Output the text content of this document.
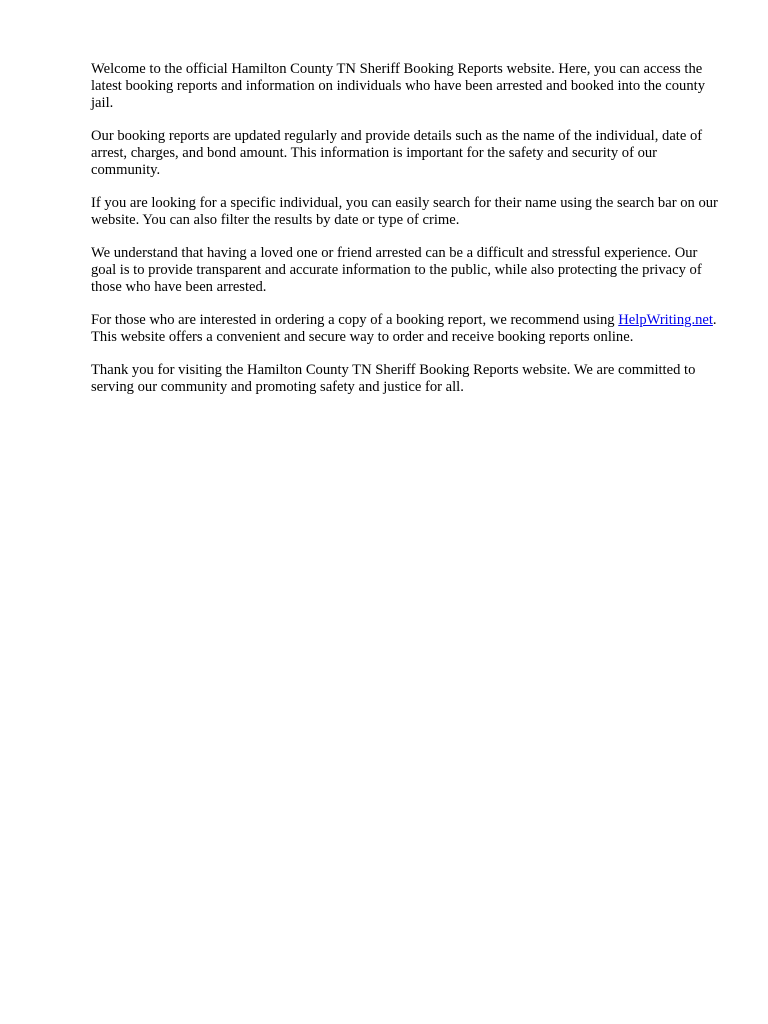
Welcome to the official Hamilton County TN Sheriff Booking Reports website. Here, you can access the latest booking reports and information on individuals who have been arrested and booked into the county jail.

Our booking reports are updated regularly and provide details such as the name of the individual, date of arrest, charges, and bond amount. This information is important for the safety and security of our community.

If you are looking for a specific individual, you can easily search for their name using the search bar on our website. You can also filter the results by date or type of crime.

We understand that having a loved one or friend arrested can be a difficult and stressful experience. Our goal is to provide transparent and accurate information to the public, while also protecting the privacy of those who have been arrested.

For those who are interested in ordering a copy of a booking report, we recommend using HelpWriting.net. This website offers a convenient and secure way to order and receive booking reports online.

Thank you for visiting the Hamilton County TN Sheriff Booking Reports website. We are committed to serving our community and promoting safety and justice for all.
